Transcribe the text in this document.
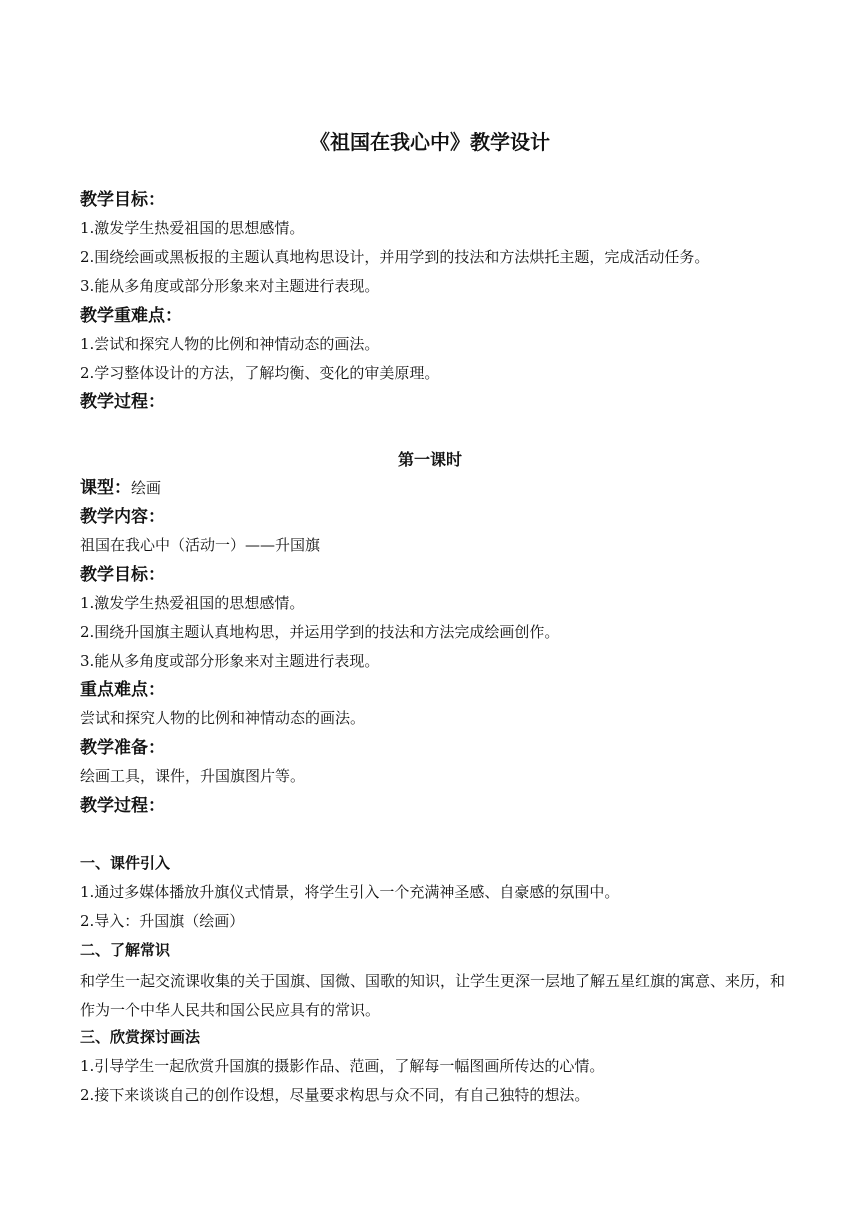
《祖国在我心中》教学设计
教学目标：
1.激发学生热爱祖国的思想感情。
2.围绕绘画或黑板报的主题认真地构思设计，并用学到的技法和方法烘托主题，完成活动任务。
3.能从多角度或部分形象来对主题进行表现。
教学重难点：
1.尝试和探究人物的比例和神情动态的画法。
2.学习整体设计的方法，了解均衡、变化的审美原理。
教学过程：
第一课时
课型：绘画
教学内容：
祖国在我心中（活动一）——升国旗
教学目标：
1.激发学生热爱祖国的思想感情。
2.围绕升国旗主题认真地构思，并运用学到的技法和方法完成绘画创作。
3.能从多角度或部分形象来对主题进行表现。
重点难点：
尝试和探究人物的比例和神情动态的画法。
教学准备：
绘画工具，课件，升国旗图片等。
教学过程：
一、课件引入
1.通过多媒体播放升旗仪式情景，将学生引入一个充满神圣感、自豪感的氛围中。
2.导入：升国旗（绘画）
二、了解常识
和学生一起交流课收集的关于国旗、国微、国歌的知识，让学生更深一层地了解五星红旗的寓意、来历，和作为一个中华人民共和国公民应具有的常识。
三、欣赏探讨画法
1.引导学生一起欣赏升国旗的摄影作品、范画，了解每一幅图画所传达的心情。
2.接下来谈谈自己的创作设想，尽量要求构思与众不同，有自己独特的想法。
